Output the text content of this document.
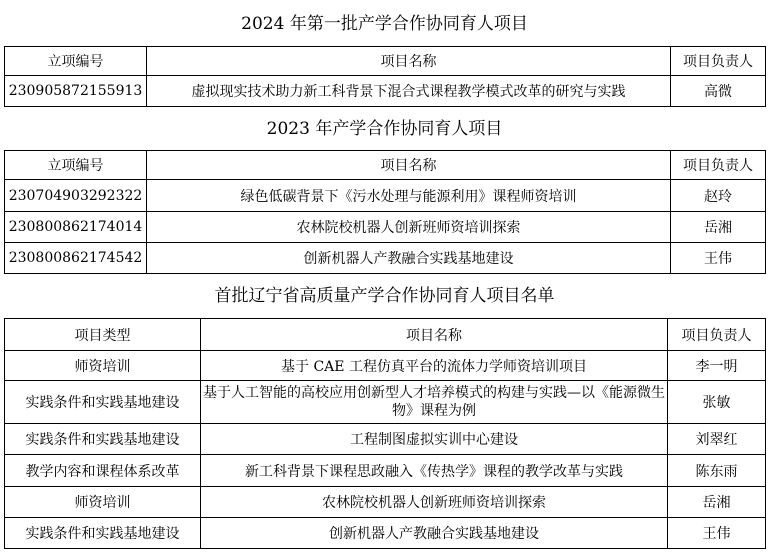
2024 年第一批产学合作协同育人项目
立项编号	项目名称	项目负责人
230905872155913	虚拟现实技术助力新工科背景下混合式课程教学模式改革的研究与实践	高微
2023 年产学合作协同育人项目
立项编号	项目名称	项目负责人
230704903292322	绿色低碳背景下《污水处理与能源利用》课程师资培训	赵玲
230800862174014	农林院校机器人创新班师资培训探索	岳湘
230800862174542	创新机器人产教融合实践基地建设	王伟
首批辽宁省高质量产学合作协同育人项目名单
项目类型	项目名称	项目负责人
师资培训	基于 CAE 工程仿真平台的流体力学师资培训项目	李一明
实践条件和实践基地建设	基于人工智能的高校应用创新型人才培养模式的构建与实践—以《能源微生物》课程为例	张敏
实践条件和实践基地建设	工程制图虚拟实训中心建设	刘翠红
教学内容和课程体系改革	新工科背景下课程思政融入《传热学》课程的教学改革与实践	陈东雨
师资培训	农林院校机器人创新班师资培训探索	岳湘
实践条件和实践基地建设	创新机器人产教融合实践基地建设	王伟
